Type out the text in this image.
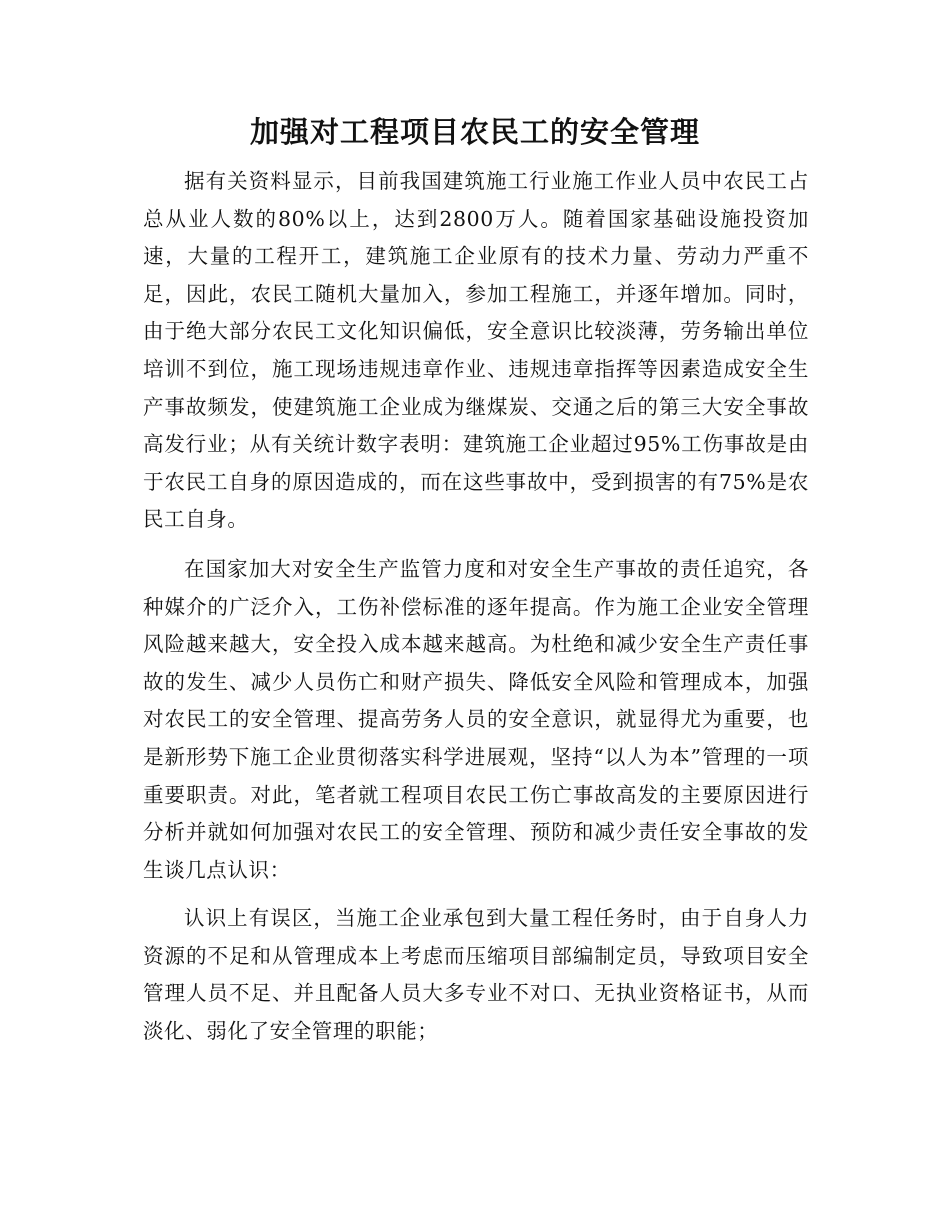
加强对工程项目农民工的安全管理

据有关资料显示，目前我国建筑施工行业施工作业人员中农民工占总从业人数的80%以上，达到2800万人。随着国家基础设施投资加速，大量的工程开工，建筑施工企业原有的技术力量、劳动力严重不足，因此，农民工随机大量加入，参加工程施工，并逐年增加。同时，由于绝大部分农民工文化知识偏低，安全意识比较淡薄，劳务输出单位培训不到位，施工现场违规违章作业、违规违章指挥等因素造成安全生产事故频发，使建筑施工企业成为继煤炭、交通之后的第三大安全事故高发行业；从有关统计数字表明：建筑施工企业超过95%工伤事故是由于农民工自身的原因造成的，而在这些事故中，受到损害的有75%是农民工自身。

在国家加大对安全生产监管力度和对安全生产事故的责任追究，各种媒介的广泛介入，工伤补偿标准的逐年提高。作为施工企业安全管理风险越来越大，安全投入成本越来越高。为杜绝和减少安全生产责任事故的发生、减少人员伤亡和财产损失、降低安全风险和管理成本，加强对农民工的安全管理、提高劳务人员的安全意识，就显得尤为重要，也是新形势下施工企业贯彻落实科学进展观，坚持“以人为本”管理的一项重要职责。对此，笔者就工程项目农民工伤亡事故高发的主要原因进行分析并就如何加强对农民工的安全管理、预防和减少责任安全事故的发生谈几点认识：

认识上有误区，当施工企业承包到大量工程任务时，由于自身人力资源的不足和从管理成本上考虑而压缩项目部编制定员，导致项目安全管理人员不足、并且配备人员大多专业不对口、无执业资格证书，从而淡化、弱化了安全管理的职能；
